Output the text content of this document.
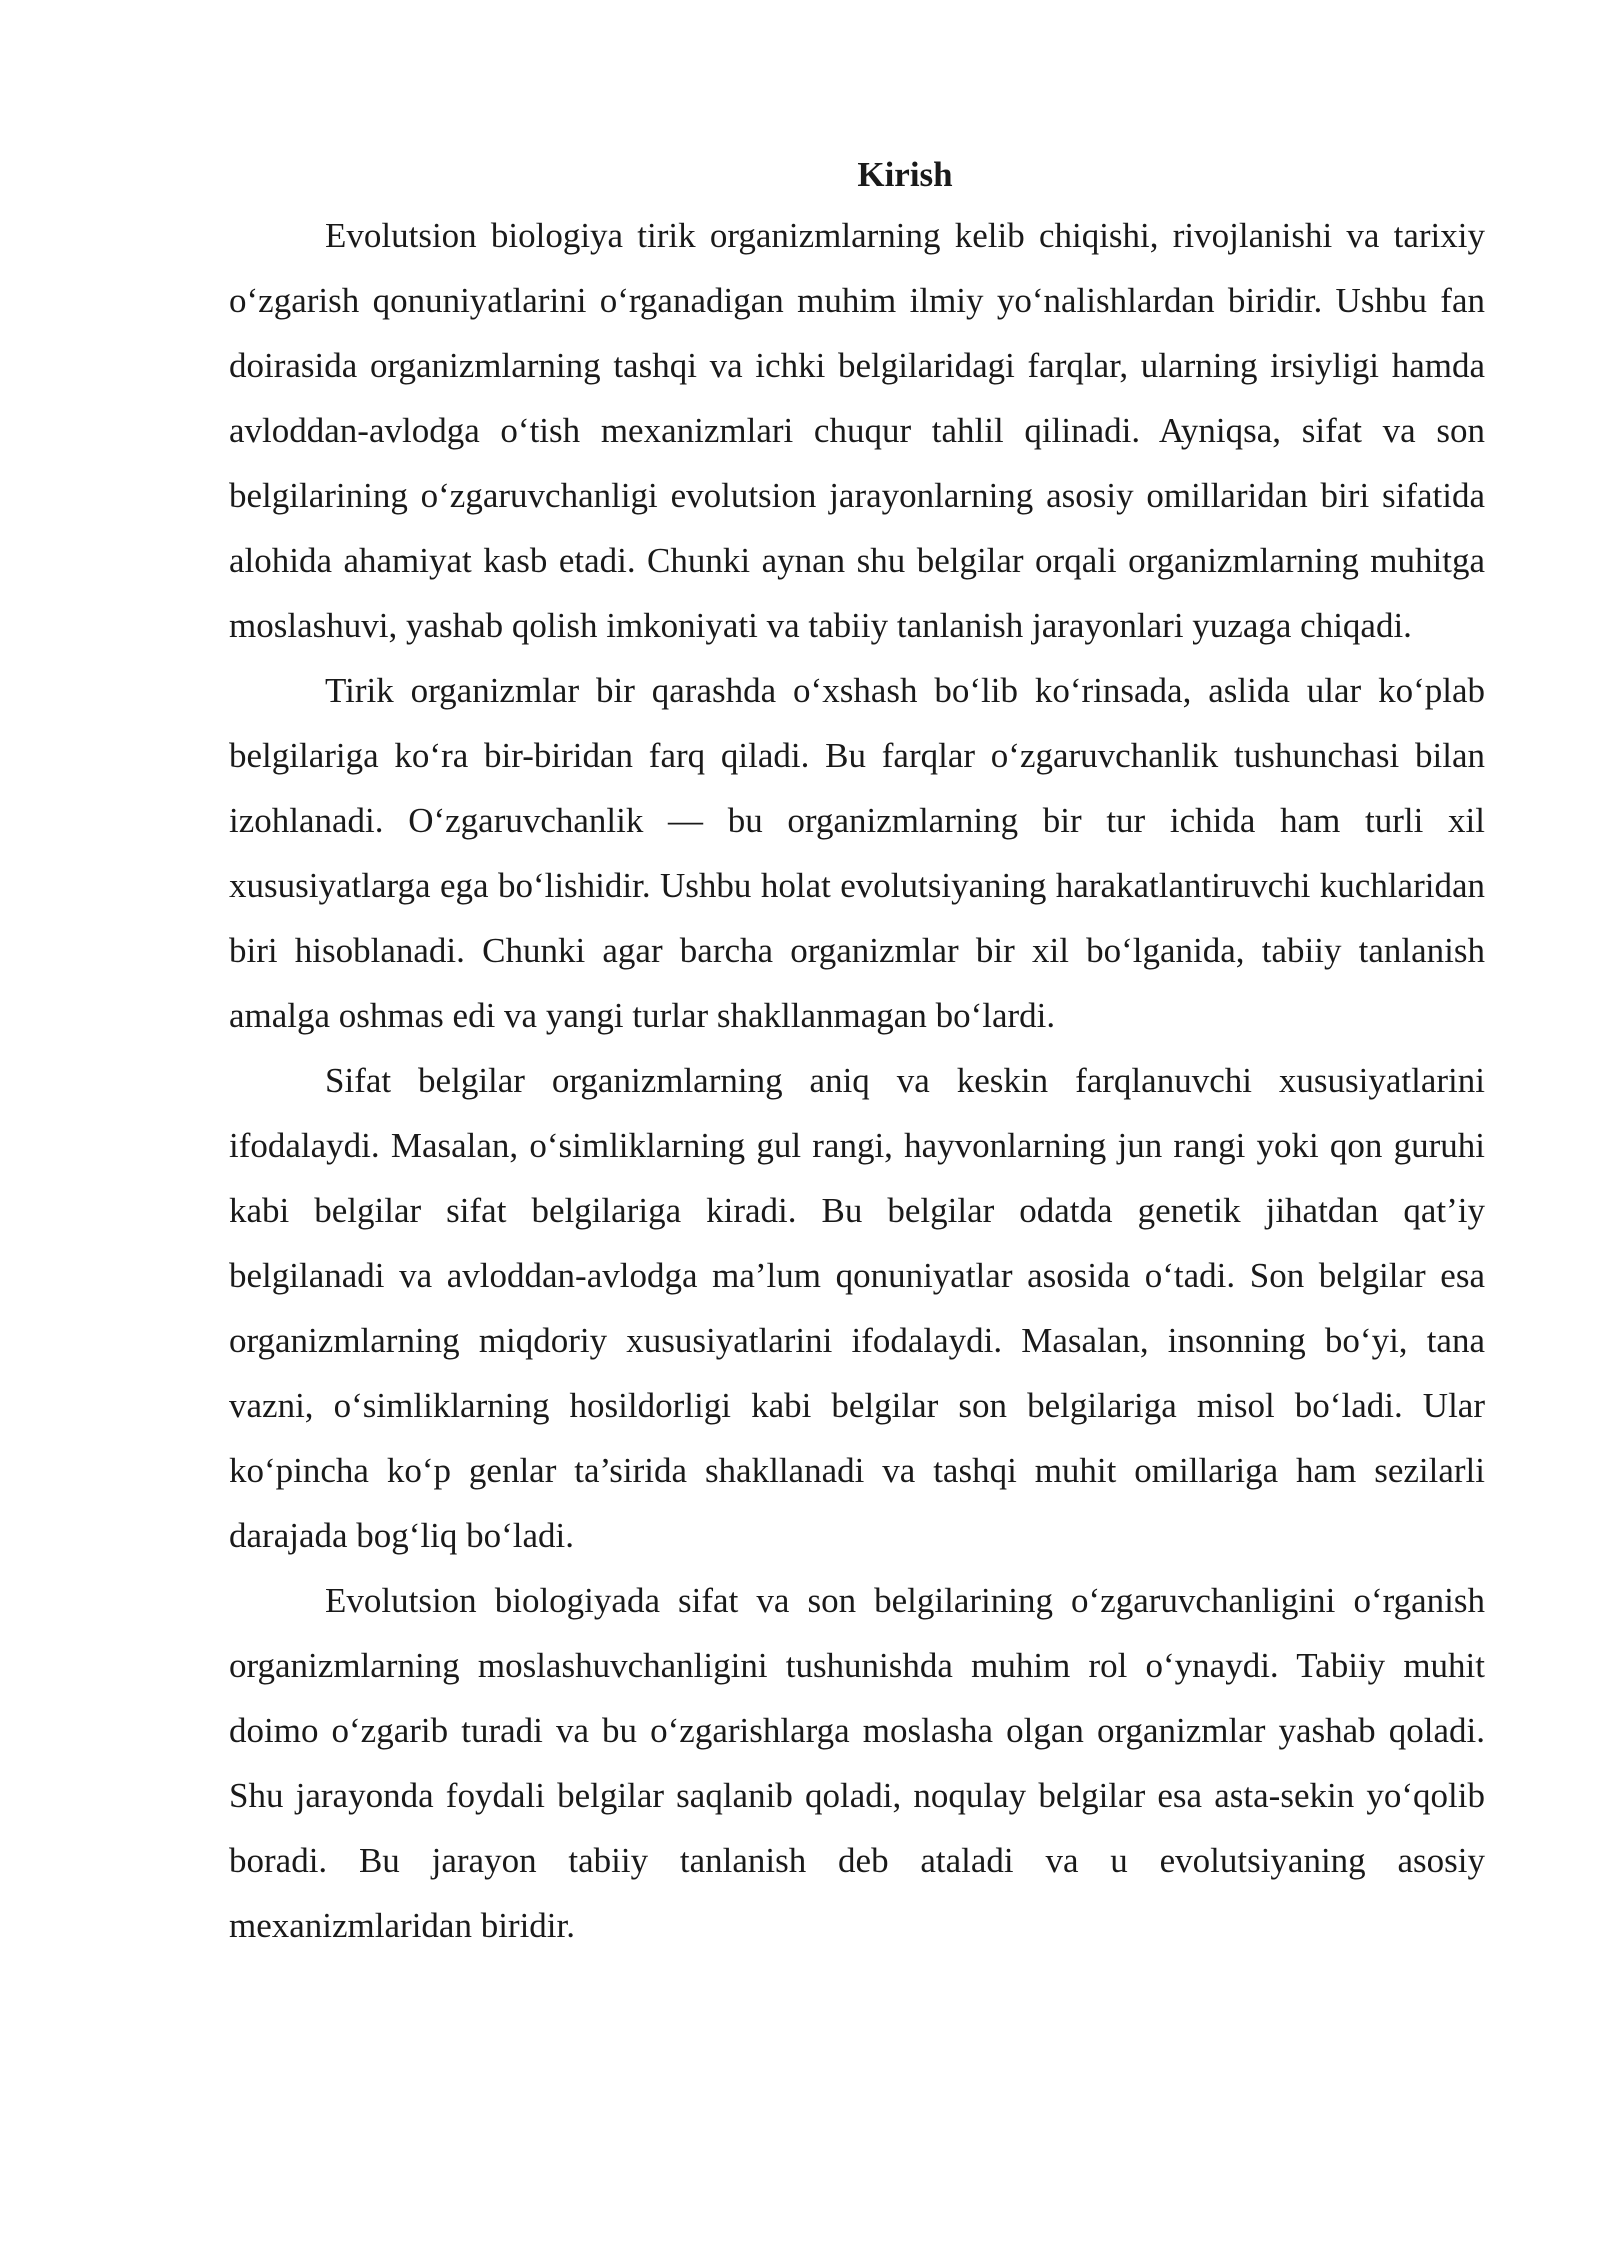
Kirish

Evolutsion biologiya tirik organizmlarning kelib chiqishi, rivojlanishi va tarixiy o‘zgarish qonuniyatlarini o‘rganadigan muhim ilmiy yo‘nalishlardan biridir. Ushbu fan doirasida organizmlarning tashqi va ichki belgilaridagi farqlar, ularning irsiyligi hamda avloddan-avlodga o‘tish mexanizmlari chuqur tahlil qilinadi. Ayniqsa, sifat va son belgilarining o‘zgaruvchanligi evolutsion jarayonlarning asosiy omillaridan biri sifatida alohida ahamiyat kasb etadi. Chunki aynan shu belgilar orqali organizmlarning muhitga moslashuvi, yashab qolish imkoniyati va tabiiy tanlanish jarayonlari yuzaga chiqadi.

Tirik organizmlar bir qarashda o‘xshash bo‘lib ko‘rinsada, aslida ular ko‘plab belgilariga ko‘ra bir-biridan farq qiladi. Bu farqlar o‘zgaruvchanlik tushunchasi bilan izohlanadi. O‘zgaruvchanlik — bu organizmlarning bir tur ichida ham turli xil xususiyatlarga ega bo‘lishidir. Ushbu holat evolutsiyaning harakatlantiruvchi kuchlaridan biri hisoblanadi. Chunki agar barcha organizmlar bir xil bo‘lganida, tabiiy tanlanish amalga oshmas edi va yangi turlar shakllanmagan bo‘lardi.

Sifat belgilar organizmlarning aniq va keskin farqlanuvchi xususiyatlarini ifodalaydi. Masalan, o‘simliklarning gul rangi, hayvonlarning jun rangi yoki qon guruhi kabi belgilar sifat belgilariga kiradi. Bu belgilar odatda genetik jihatdan qat’iy belgilanadi va avloddan-avlodga ma’lum qonuniyatlar asosida o‘tadi. Son belgilar esa organizmlarning miqdoriy xususiyatlarini ifodalaydi. Masalan, insonning bo‘yi, tana vazni, o‘simliklarning hosildorligi kabi belgilar son belgilariga misol bo‘ladi. Ular ko‘pincha ko‘p genlar ta’sirida shakllanadi va tashqi muhit omillariga ham sezilarli darajada bog‘liq bo‘ladi.

Evolutsion biologiyada sifat va son belgilarining o‘zgaruvchanligini o‘rganish organizmlarning moslashuvchanligini tushunishda muhim rol o‘ynaydi. Tabiiy muhit doimo o‘zgarib turadi va bu o‘zgarishlarga moslasha olgan organizmlar yashab qoladi. Shu jarayonda foydali belgilar saqlanib qoladi, noqulay belgilar esa asta-sekin yo‘qolib boradi. Bu jarayon tabiiy tanlanish deb ataladi va u evolutsiyaning asosiy mexanizmlaridan biridir.
